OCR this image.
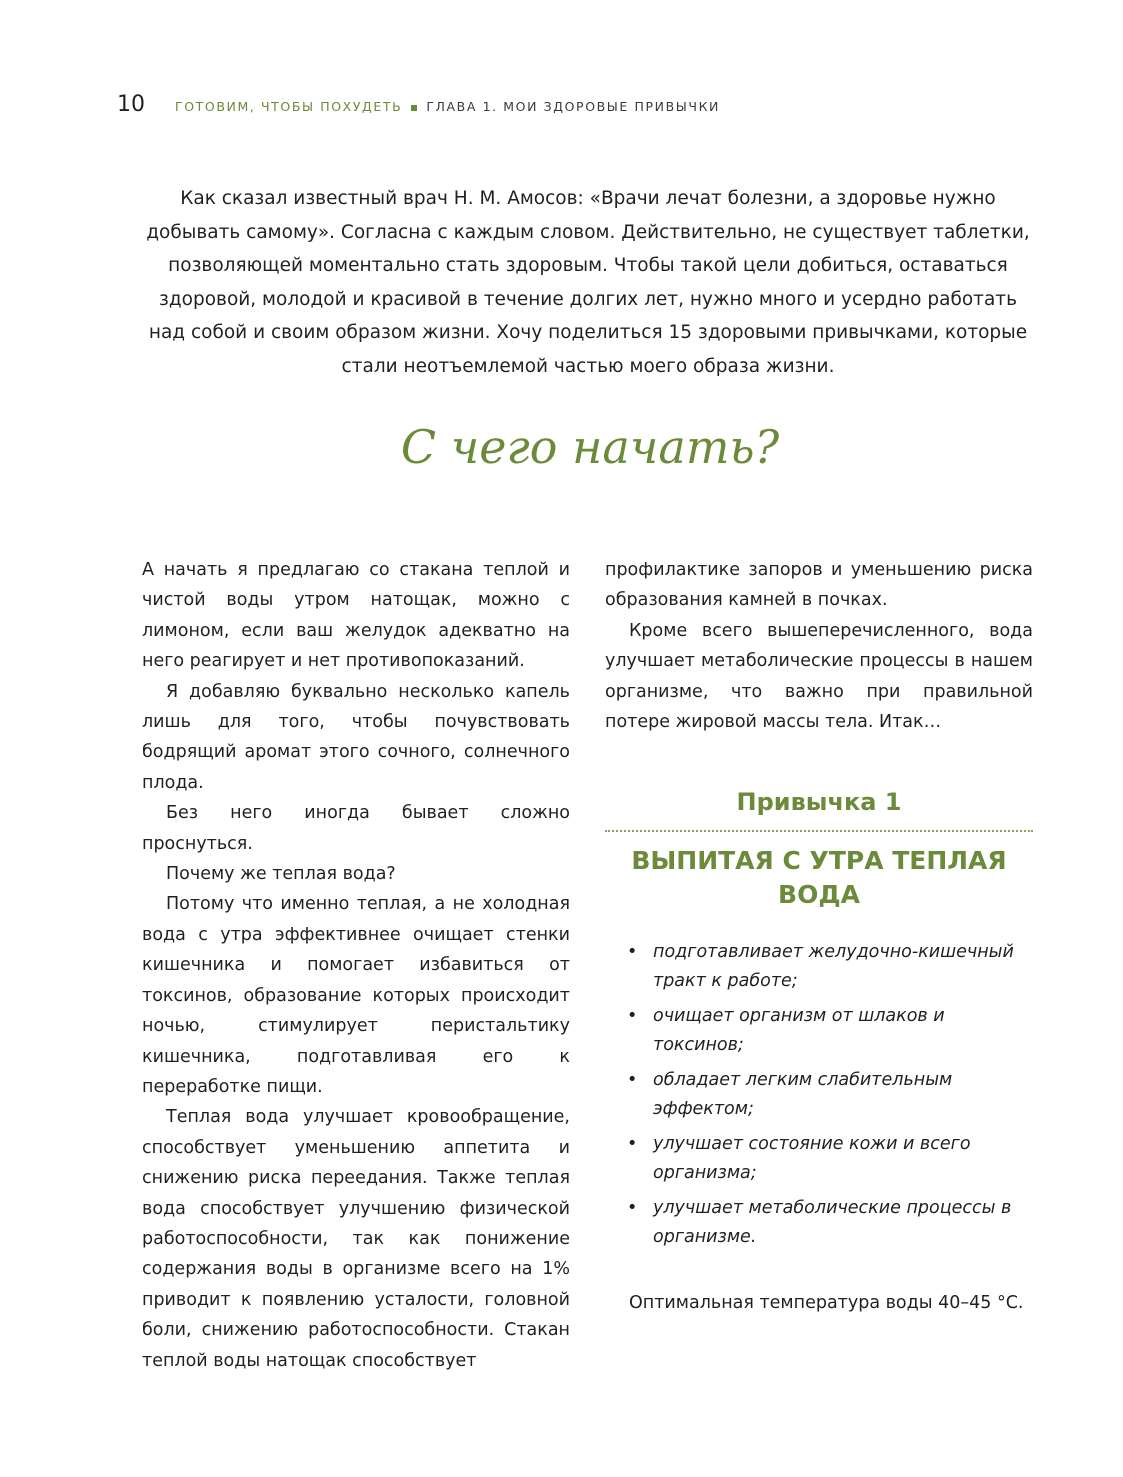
10 ГОТОВИМ, ЧТОБЫ ПОХУДЕТЬ ГЛАВА 1. МОИ ЗДОРОВЫЕ ПРИВЫЧКИ
Как сказал известный врач Н. М. Амосов: «Врачи лечат болезни, а здоровье нужно добывать самому». Согласна с каждым словом. Действительно, не существует таблетки, позволяющей моментально стать здоровым. Чтобы такой цели добиться, оставаться здоровой, молодой и красивой в течение долгих лет, нужно много и усердно работать над собой и своим образом жизни. Хочу поделиться 15 здоровыми привычками, которые стали неотъемлемой частью моего образа жизни.
С чего начать?

А начать я предлагаю со стакана теплой и чистой воды утром натощак, можно с лимоном, если ваш желудок адекватно на него реагирует и нет противопоказаний.

Я добавляю буквально несколько капель лишь для того, чтобы почувствовать бодрящий аромат этого сочного, солнечного плода.

Без него иногда бывает сложно проснуться.

Почему же теплая вода?

Потому что именно теплая, а не холодная вода с утра эффективнее очищает стенки кишечника и помогает избавиться от токсинов, образование которых происходит ночью, стимулирует перистальтику кишечника, подготавливая его к переработке пищи.

Теплая вода улучшает кровообращение, способствует уменьшению аппетита и снижению риска переедания. Также теплая вода способствует улучшению физической работоспособности, так как понижение содержания воды в организме всего на 1% приводит к появлению усталости, головной боли, снижению работоспособности. Стакан теплой воды натощак способствует

профилактике запоров и уменьшению риска образования камней в почках.

Кроме всего вышеперечисленного, вода улучшает метаболические процессы в нашем организме, что важно при правильной потере жировой массы тела. Итак…

Привычка 1
ВЫПИТАЯ С УТРА ТЕПЛАЯ ВОДА
• подготавливает желудочно-кишечный тракт к работе;
• очищает организм от шлаков и токсинов;
• обладает легким слабительным эффектом;
• улучшает состояние кожи и всего организма;
• улучшает метаболические процессы в организме.
Оптимальная температура воды 40–45 °C.
